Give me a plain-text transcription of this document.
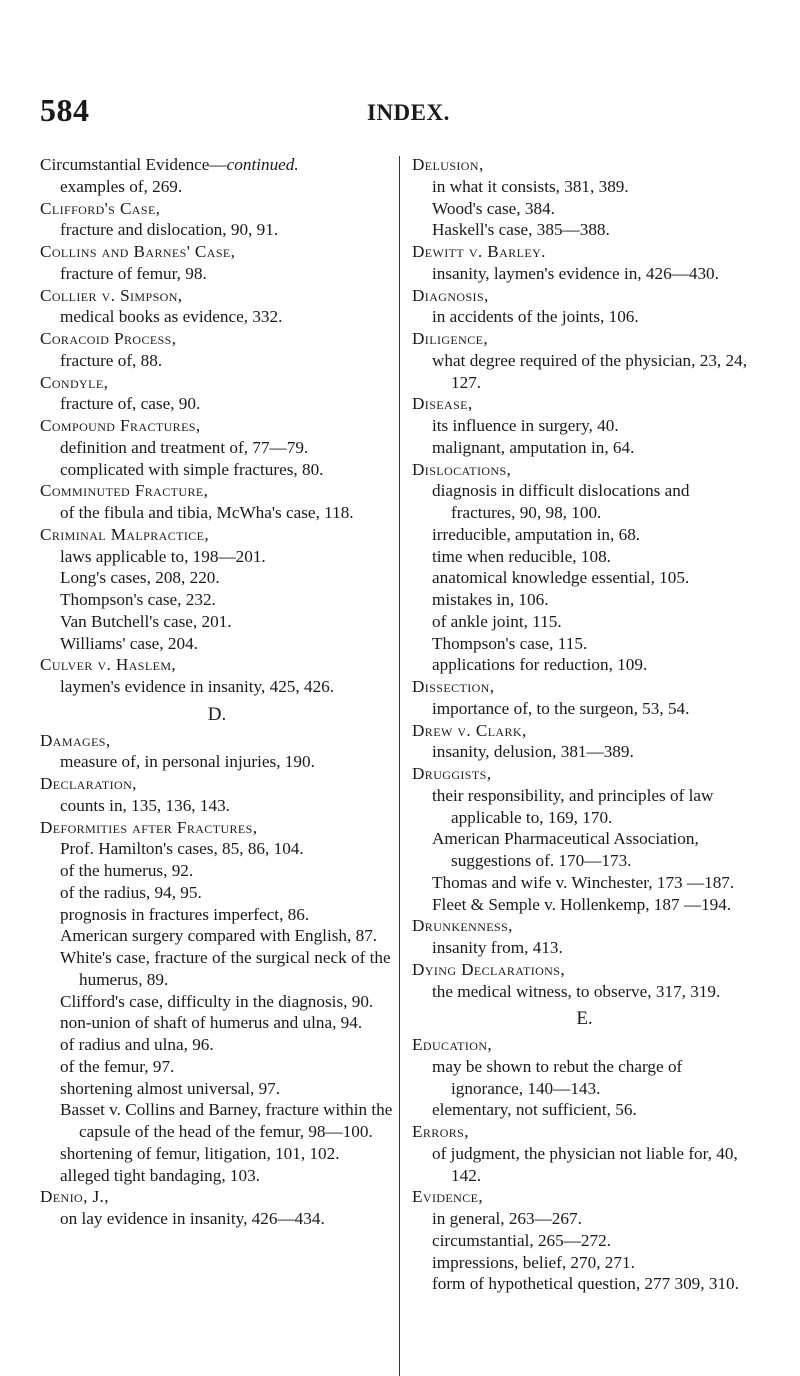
584	INDEX.
Circumstantial Evidence—continued.
examples of, 269.
Clifford's Case,
fracture and dislocation, 90, 91.
Collins and Barnes' Case,
fracture of femur, 98.
Collier v. Simpson,
medical books as evidence, 332.
Coracoid Process,
fracture of, 88.
Condyle,
fracture of, case, 90.
Compound Fractures,
definition and treatment of, 77—79.
complicated with simple fractures, 80.
Comminuted Fracture,
of the fibula and tibia, McWha's case, 118.
Criminal Malpractice,
laws applicable to, 198—201.
Long's cases, 208, 220.
Thompson's case, 232.
Van Butchell's case, 201.
Williams' case, 204.
Culver v. Haslem,
laymen's evidence in insanity, 425, 426.
D.
Damages,
measure of, in personal injuries, 190.
Declaration,
counts in, 135, 136, 143.
Deformities after Fractures,
Prof. Hamilton's cases, 85, 86, 104.
of the humerus, 92.
of the radius, 94, 95.
prognosis in fractures imperfect, 86.
American surgery compared with English, 87.
White's case, fracture of the surgical neck of the humerus, 89.
Clifford's case, difficulty in the diagnosis, 90.
non-union of shaft of humerus and ulna, 94.
of radius and ulna, 96.
of the femur, 97.
shortening almost universal, 97.
Basset v. Collins and Barney, fracture within the capsule of the head of the femur, 98—100.
shortening of femur, litigation, 101, 102.
alleged tight bandaging, 103.
Denio, J.,
on lay evidence in insanity, 426—434.
Delusion,
in what it consists, 381, 389.
Wood's case, 384.
Haskell's case, 385—388.
Dewitt v. Barley.
insanity, laymen's evidence in, 426—430.
Diagnosis,
in accidents of the joints, 106.
Diligence,
what degree required of the physician, 23, 24, 127.
Disease,
its influence in surgery, 40.
malignant, amputation in, 64.
Dislocations,
diagnosis in difficult dislocations and fractures, 90, 98, 100.
irreducible, amputation in, 68.
time when reducible, 108.
anatomical knowledge essential, 105.
mistakes in, 106.
of ankle joint, 115.
Thompson's case, 115.
applications for reduction, 109.
Dissection,
importance of, to the surgeon, 53, 54.
Drew v. Clark,
insanity, delusion, 381—389.
Druggists,
their responsibility, and principles of law applicable to, 169, 170.
American Pharmaceutical Association, suggestions of. 170—173.
Thomas and wife v. Winchester, 173 —187.
Fleet & Semple v. Hollenkemp, 187 —194.
Drunkenness,
insanity from, 413.
Dying Declarations,
the medical witness, to observe, 317, 319.
E.
Education,
may be shown to rebut the charge of ignorance, 140—143.
elementary, not sufficient, 56.
Errors,
of judgment, the physician not liable for, 40, 142.
Evidence,
in general, 263—267.
circumstantial, 265—272.
impressions, belief, 270, 271.
form of hypothetical question, 277 309, 310.
